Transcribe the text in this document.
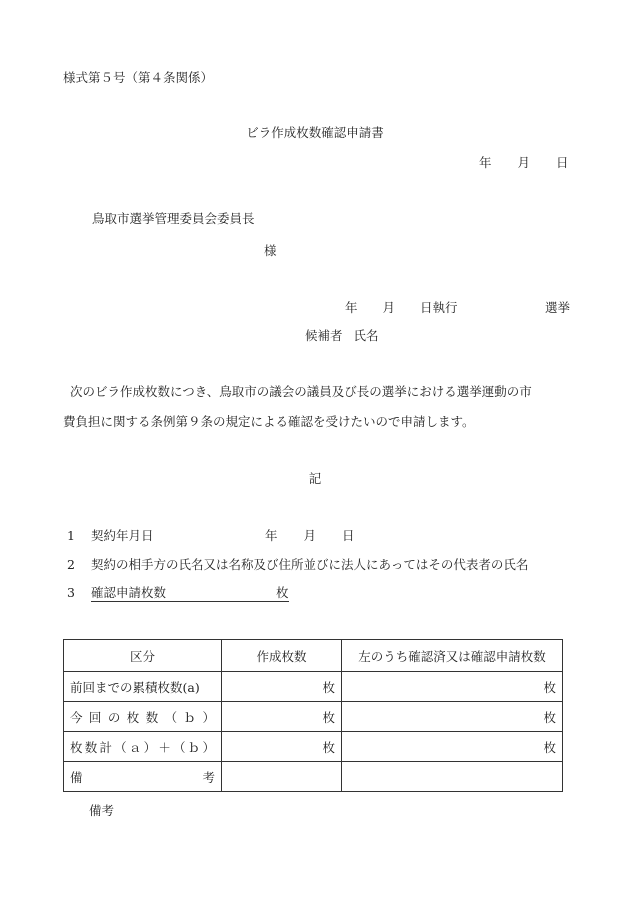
様式第５号（第４条関係）
ビラ作成枚数確認申請書
年 月 日
鳥取市選挙管理委員会委員長
様
年 月 日執行	選挙
候補者 氏名
次のビラ作成枚数につき、鳥取市の議会の議員及び長の選挙における選挙運動の市
費負担に関する条例第９条の規定による確認を受けたいので申請します。
記
1 契約年月日	年 月 日
2 契約の相手方の氏名又は名称及び住所並びに法人にあってはその代表者の氏名
3 確認申請枚数	枚
区分	作成枚数	左のうち確認済又は確認申請枚数
前回までの累積枚数(a)	枚	枚
今回の枚数（ｂ）	枚	枚
枚数計（ａ）＋（ｂ）	枚	枚
備考		
備考
